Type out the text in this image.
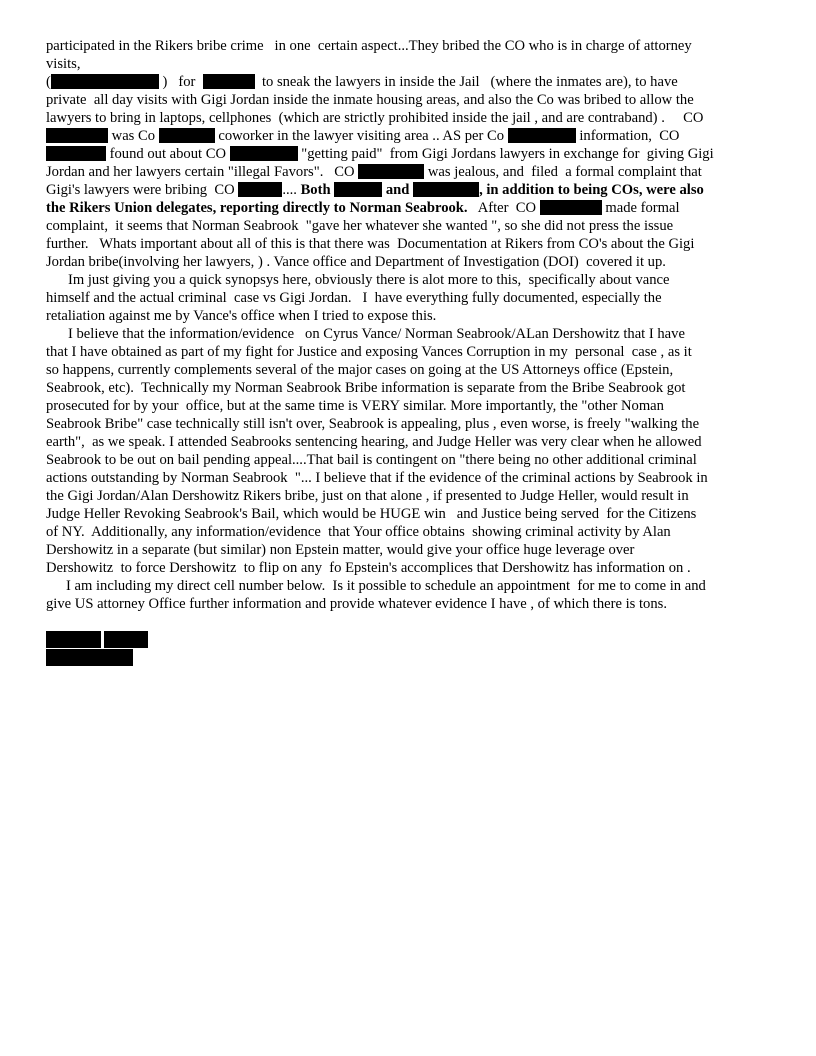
participated in the Rikers bribe crime   in one  certain aspect...They bribed the CO who is in charge of attorney
visits,
(	)   for	to sneak the lawyers in inside the Jail   (where the inmates are), to have
private  all day visits with Gigi Jordan inside the inmate housing areas, and also the Co was bribed to allow the
lawyers to bring in laptops, cellphones  (which are strictly prohibited inside the jail , and are contraband) .     CO
was Co	coworker in the lawyer visiting area .. AS per Co	information,  CO
found out about CO	"getting paid"  from Gigi Jordans lawyers in exchange for  giving Gigi
Jordan and her lawyers certain "illegal Favors".   CO	was jealous, and  filed  a formal complaint that
Gigi's lawyers were bribing  CO	.... Both	and	, in addition to being COs, were also
the Rikers Union delegates, reporting directly to Norman Seabrook.   After  CO	made formal
complaint,  it seems that Norman Seabrook  "gave her whatever she wanted ", so she did not press the issue
further.   Whats important about all of this is that there was  Documentation at Rikers from CO's about the Gigi
Jordan bribe(involving her lawyers, ) . Vance office and Department of Investigation (DOI)  covered it up.
Im just giving you a quick synopsys here, obviously there is alot more to this,  specifically about vance
himself and the actual criminal  case vs Gigi Jordan.   I  have everything fully documented, especially the
retaliation against me by Vance's office when I tried to expose this.
I believe that the information/evidence   on Cyrus Vance/ Norman Seabrook/ALan Dershowitz that I have
that I have obtained as part of my fight for Justice and exposing Vances Corruption in my  personal  case , as it
so happens, currently complements several of the major cases on going at the US Attorneys office (Epstein,
Seabrook, etc).  Technically my Norman Seabrook Bribe information is separate from the Bribe Seabrook got
prosecuted for by your  office, but at the same time is VERY similar. More importantly, the "other Noman
Seabrook Bribe" case technically still isn't over, Seabrook is appealing, plus , even worse, is freely "walking the
earth",  as we speak. I attended Seabrooks sentencing hearing, and Judge Heller was very clear when he allowed
Seabrook to be out on bail pending appeal....That bail is contingent on "there being no other additional criminal
actions outstanding by Norman Seabrook  "... I believe that if the evidence of the criminal actions by Seabrook in
the Gigi Jordan/Alan Dershowitz Rikers bribe, just on that alone , if presented to Judge Heller, would result in
Judge Heller Revoking Seabrook's Bail, which would be HUGE win   and Justice being served  for the Citizens
of NY.  Additionally, any information/evidence  that Your office obtains  showing criminal activity by Alan
Dershowitz in a separate (but similar) non Epstein matter, would give your office huge leverage over
Dershowitz  to force Dershowitz  to flip on any  fo Epstein's accomplices that Dershowitz has information on .
I am including my direct cell number below.  Is it possible to schedule an appointment  for me to come in and
give US attorney Office further information and provide whatever evidence I have , of which there is tons.
